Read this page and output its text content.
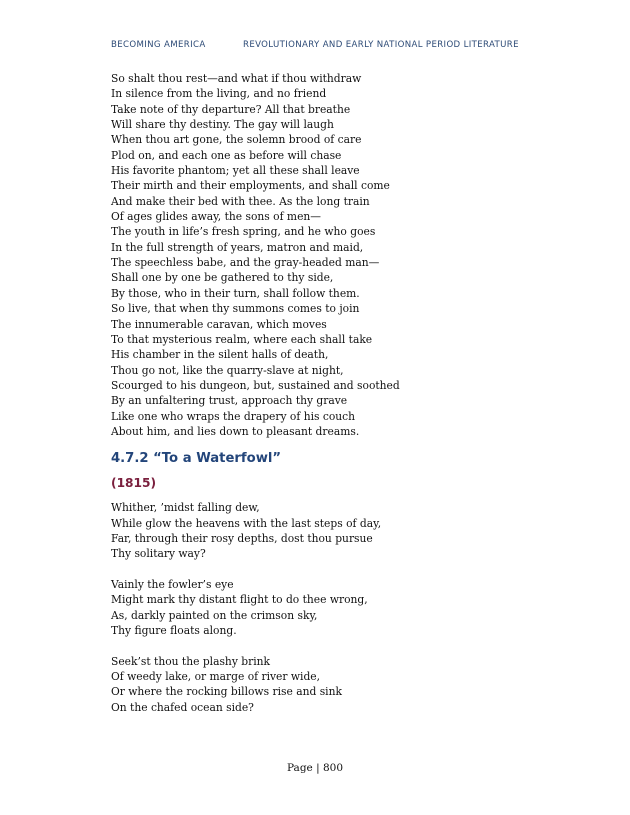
BECOMING AMERICA	REVOLUTIONARY AND EARLY NATIONAL PERIOD LITERATURE
So shalt thou rest—and what if thou withdraw
In silence from the living, and no friend
Take note of thy departure? All that breathe
Will share thy destiny. The gay will laugh
When thou art gone, the solemn brood of care
Plod on, and each one as before will chase
His favorite phantom; yet all these shall leave
Their mirth and their employments, and shall come
And make their bed with thee. As the long train
Of ages glides away, the sons of men—
The youth in life’s fresh spring, and he who goes
In the full strength of years, matron and maid,
The speechless babe, and the gray-headed man—
Shall one by one be gathered to thy side,
By those, who in their turn, shall follow them.
So live, that when thy summons comes to join
The innumerable caravan, which moves
To that mysterious realm, where each shall take
His chamber in the silent halls of death,
Thou go not, like the quarry-slave at night,
Scourged to his dungeon, but, sustained and soothed
By an unfaltering trust, approach thy grave
Like one who wraps the drapery of his couch
About him, and lies down to pleasant dreams.
4.7.2 “To a Waterfowl”
(1815)
Whither, ’midst falling dew,
While glow the heavens with the last steps of day,
Far, through their rosy depths, dost thou pursue
Thy solitary way?
Vainly the fowler’s eye
Might mark thy distant flight to do thee wrong,
As, darkly painted on the crimson sky,
Thy figure floats along.
Seek’st thou the plashy brink
Of weedy lake, or marge of river wide,
Or where the rocking billows rise and sink
On the chafed ocean side?
Page | 800
